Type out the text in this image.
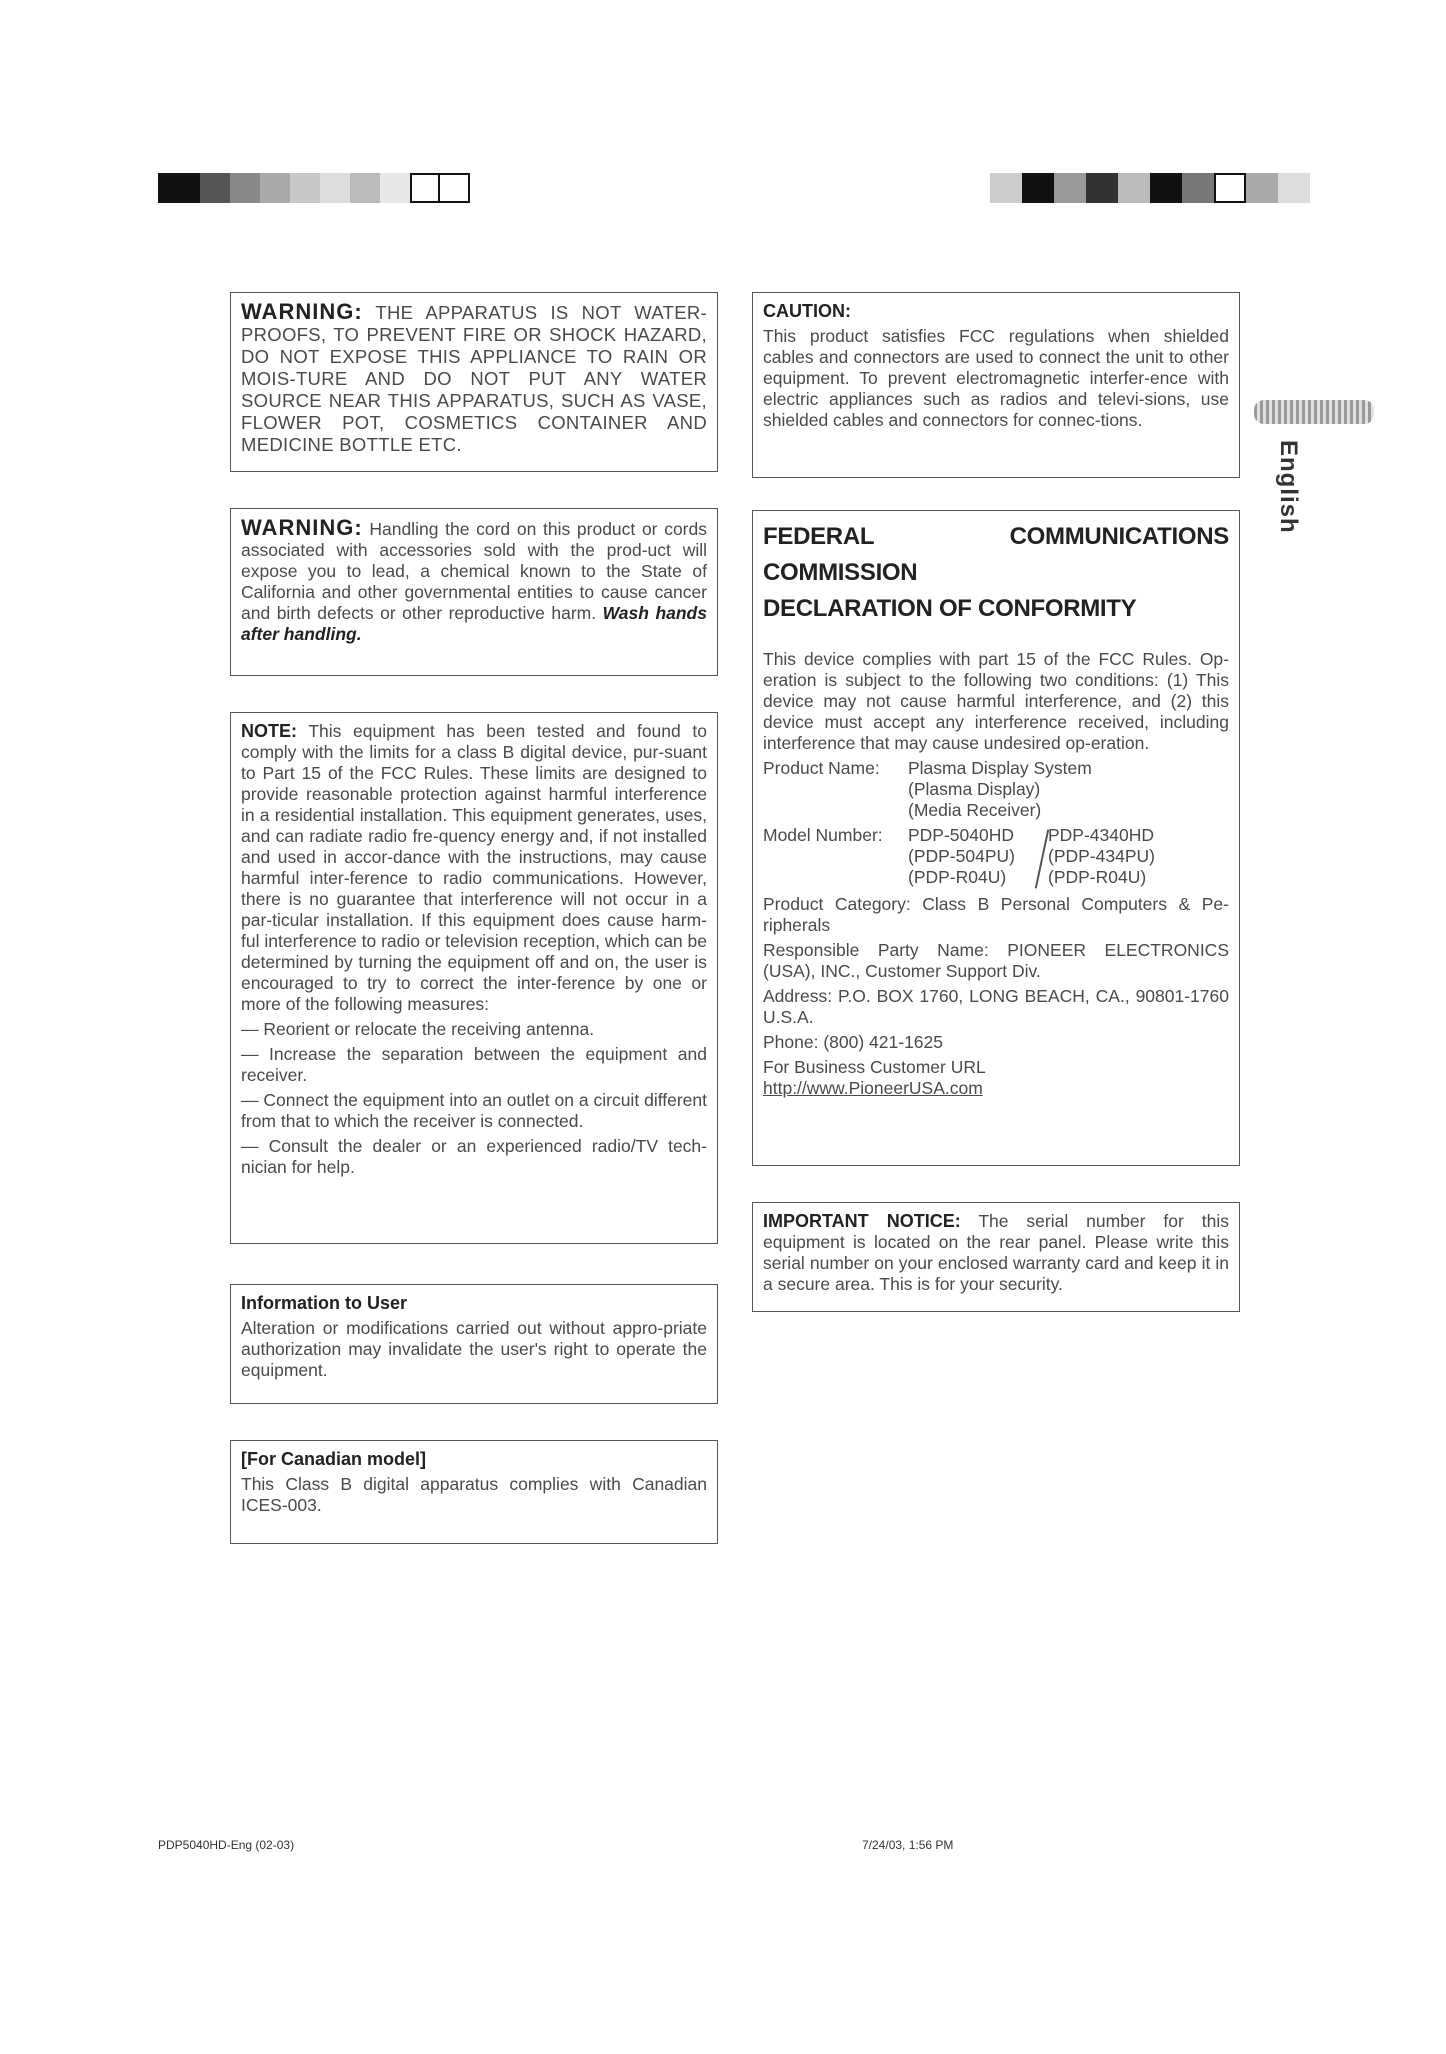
English

WARNING: THE APPARATUS IS NOT WATER-PROOFS, TO PREVENT FIRE OR SHOCK HAZARD, DO NOT EXPOSE THIS APPLIANCE TO RAIN OR MOIS-TURE AND DO NOT PUT ANY WATER SOURCE NEAR THIS APPARATUS, SUCH AS VASE, FLOWER POT, COSMETICS CONTAINER AND MEDICINE BOTTLE ETC.

WARNING: Handling the cord on this product or cords associated with accessories sold with the prod-uct will expose you to lead, a chemical known to the State of California and other governmental entities to cause cancer and birth defects or other reproductive harm. Wash hands after handling.

NOTE: This equipment has been tested and found to comply with the limits for a class B digital device, pur-suant to Part 15 of the FCC Rules. These limits are designed to provide reasonable protection against harmful interference in a residential installation. This equipment generates, uses, and can radiate radio fre-quency energy and, if not installed and used in accor-dance with the instructions, may cause harmful inter-ference to radio communications. However, there is no guarantee that interference will not occur in a par-ticular installation. If this equipment does cause harm-ful interference to radio or television reception, which can be determined by turning the equipment off and on, the user is encouraged to try to correct the inter-ference by one or more of the following measures:

— Reorient or relocate the receiving antenna.

— Increase the separation between the equipment and receiver.

— Connect the equipment into an outlet on a circuit different from that to which the receiver is connected.

— Consult the dealer or an experienced radio/TV tech-nician for help.

Information to User

Alteration or modifications carried out without appro-priate authorization may invalidate the user's right to operate the equipment.

[For Canadian model]

This Class B digital apparatus complies with Canadian ICES-003.

CAUTION:

This product satisfies FCC regulations when shielded cables and connectors are used to connect the unit to other equipment. To prevent electromagnetic interfer-ence with electric appliances such as radios and televi-sions, use shielded cables and connectors for connec-tions.

FEDERAL COMMUNICATIONS COMMISSION
DECLARATION OF CONFORMITY

This device complies with part 15 of the FCC Rules. Op-eration is subject to the following two conditions: (1) This device may not cause harmful interference, and (2) this device must accept any interference received, including interference that may cause undesired op-eration.

Product Name:	Plasma Display System
(Plasma Display)
(Media Receiver)
Model Number:	PDP-5040HD PDP-4340HD
(PDP-504PU) (PDP-434PU)
(PDP-R04U) (PDP-R04U)

Product Category: Class B Personal Computers & Pe-ripherals

Responsible Party Name: PIONEER ELECTRONICS (USA), INC., Customer Support Div.

Address: P.O. BOX 1760, LONG BEACH, CA., 90801-1760 U.S.A.

Phone: (800) 421-1625

For Business Customer URL

http://www.PioneerUSA.com

IMPORTANT NOTICE: The serial number for this equipment is located on the rear panel. Please write this serial number on your enclosed warranty card and keep it in a secure area. This is for your security.

PDP5040HD-Eng (02-03)	7/24/03, 1:56 PM
